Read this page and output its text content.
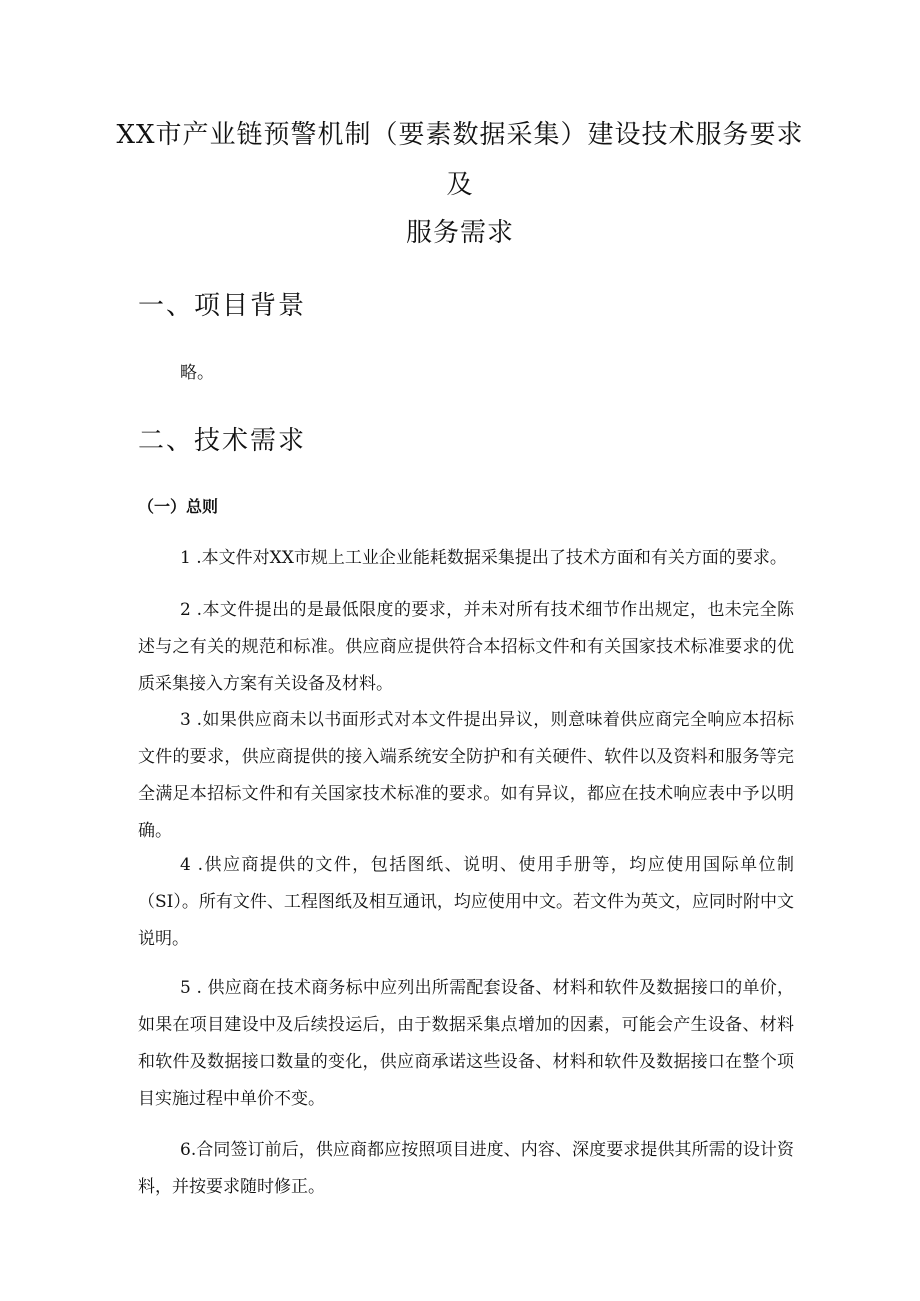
XX市产业链预警机制（要素数据采集）建设技术服务要求
及
服务需求
一、项目背景
略。
二、技术需求
（一）总则
1 .本文件对XX市规上工业企业能耗数据采集提出了技术方面和有关方面的要求。
2 .本文件提出的是最低限度的要求，并未对所有技术细节作出规定，也未完全陈述与之有关的规范和标准。供应商应提供符合本招标文件和有关国家技术标准要求的优质采集接入方案有关设备及材料。
3 .如果供应商未以书面形式对本文件提出异议，则意味着供应商完全响应本招标文件的要求，供应商提供的接入端系统安全防护和有关硬件、软件以及资料和服务等完全满足本招标文件和有关国家技术标准的要求。如有异议，都应在技术响应表中予以明确。
4 .供应商提供的文件，包括图纸、说明、使用手册等，均应使用国际单位制（SI）。所有文件、工程图纸及相互通讯，均应使用中文。若文件为英文，应同时附中文说明。
5 . 供应商在技术商务标中应列出所需配套设备、材料和软件及数据接口的单价，如果在项目建设中及后续投运后，由于数据采集点增加的因素，可能会产生设备、材料和软件及数据接口数量的变化，供应商承诺这些设备、材料和软件及数据接口在整个项目实施过程中单价不变。
6.合同签订前后，供应商都应按照项目进度、内容、深度要求提供其所需的设计资料，并按要求随时修正。
